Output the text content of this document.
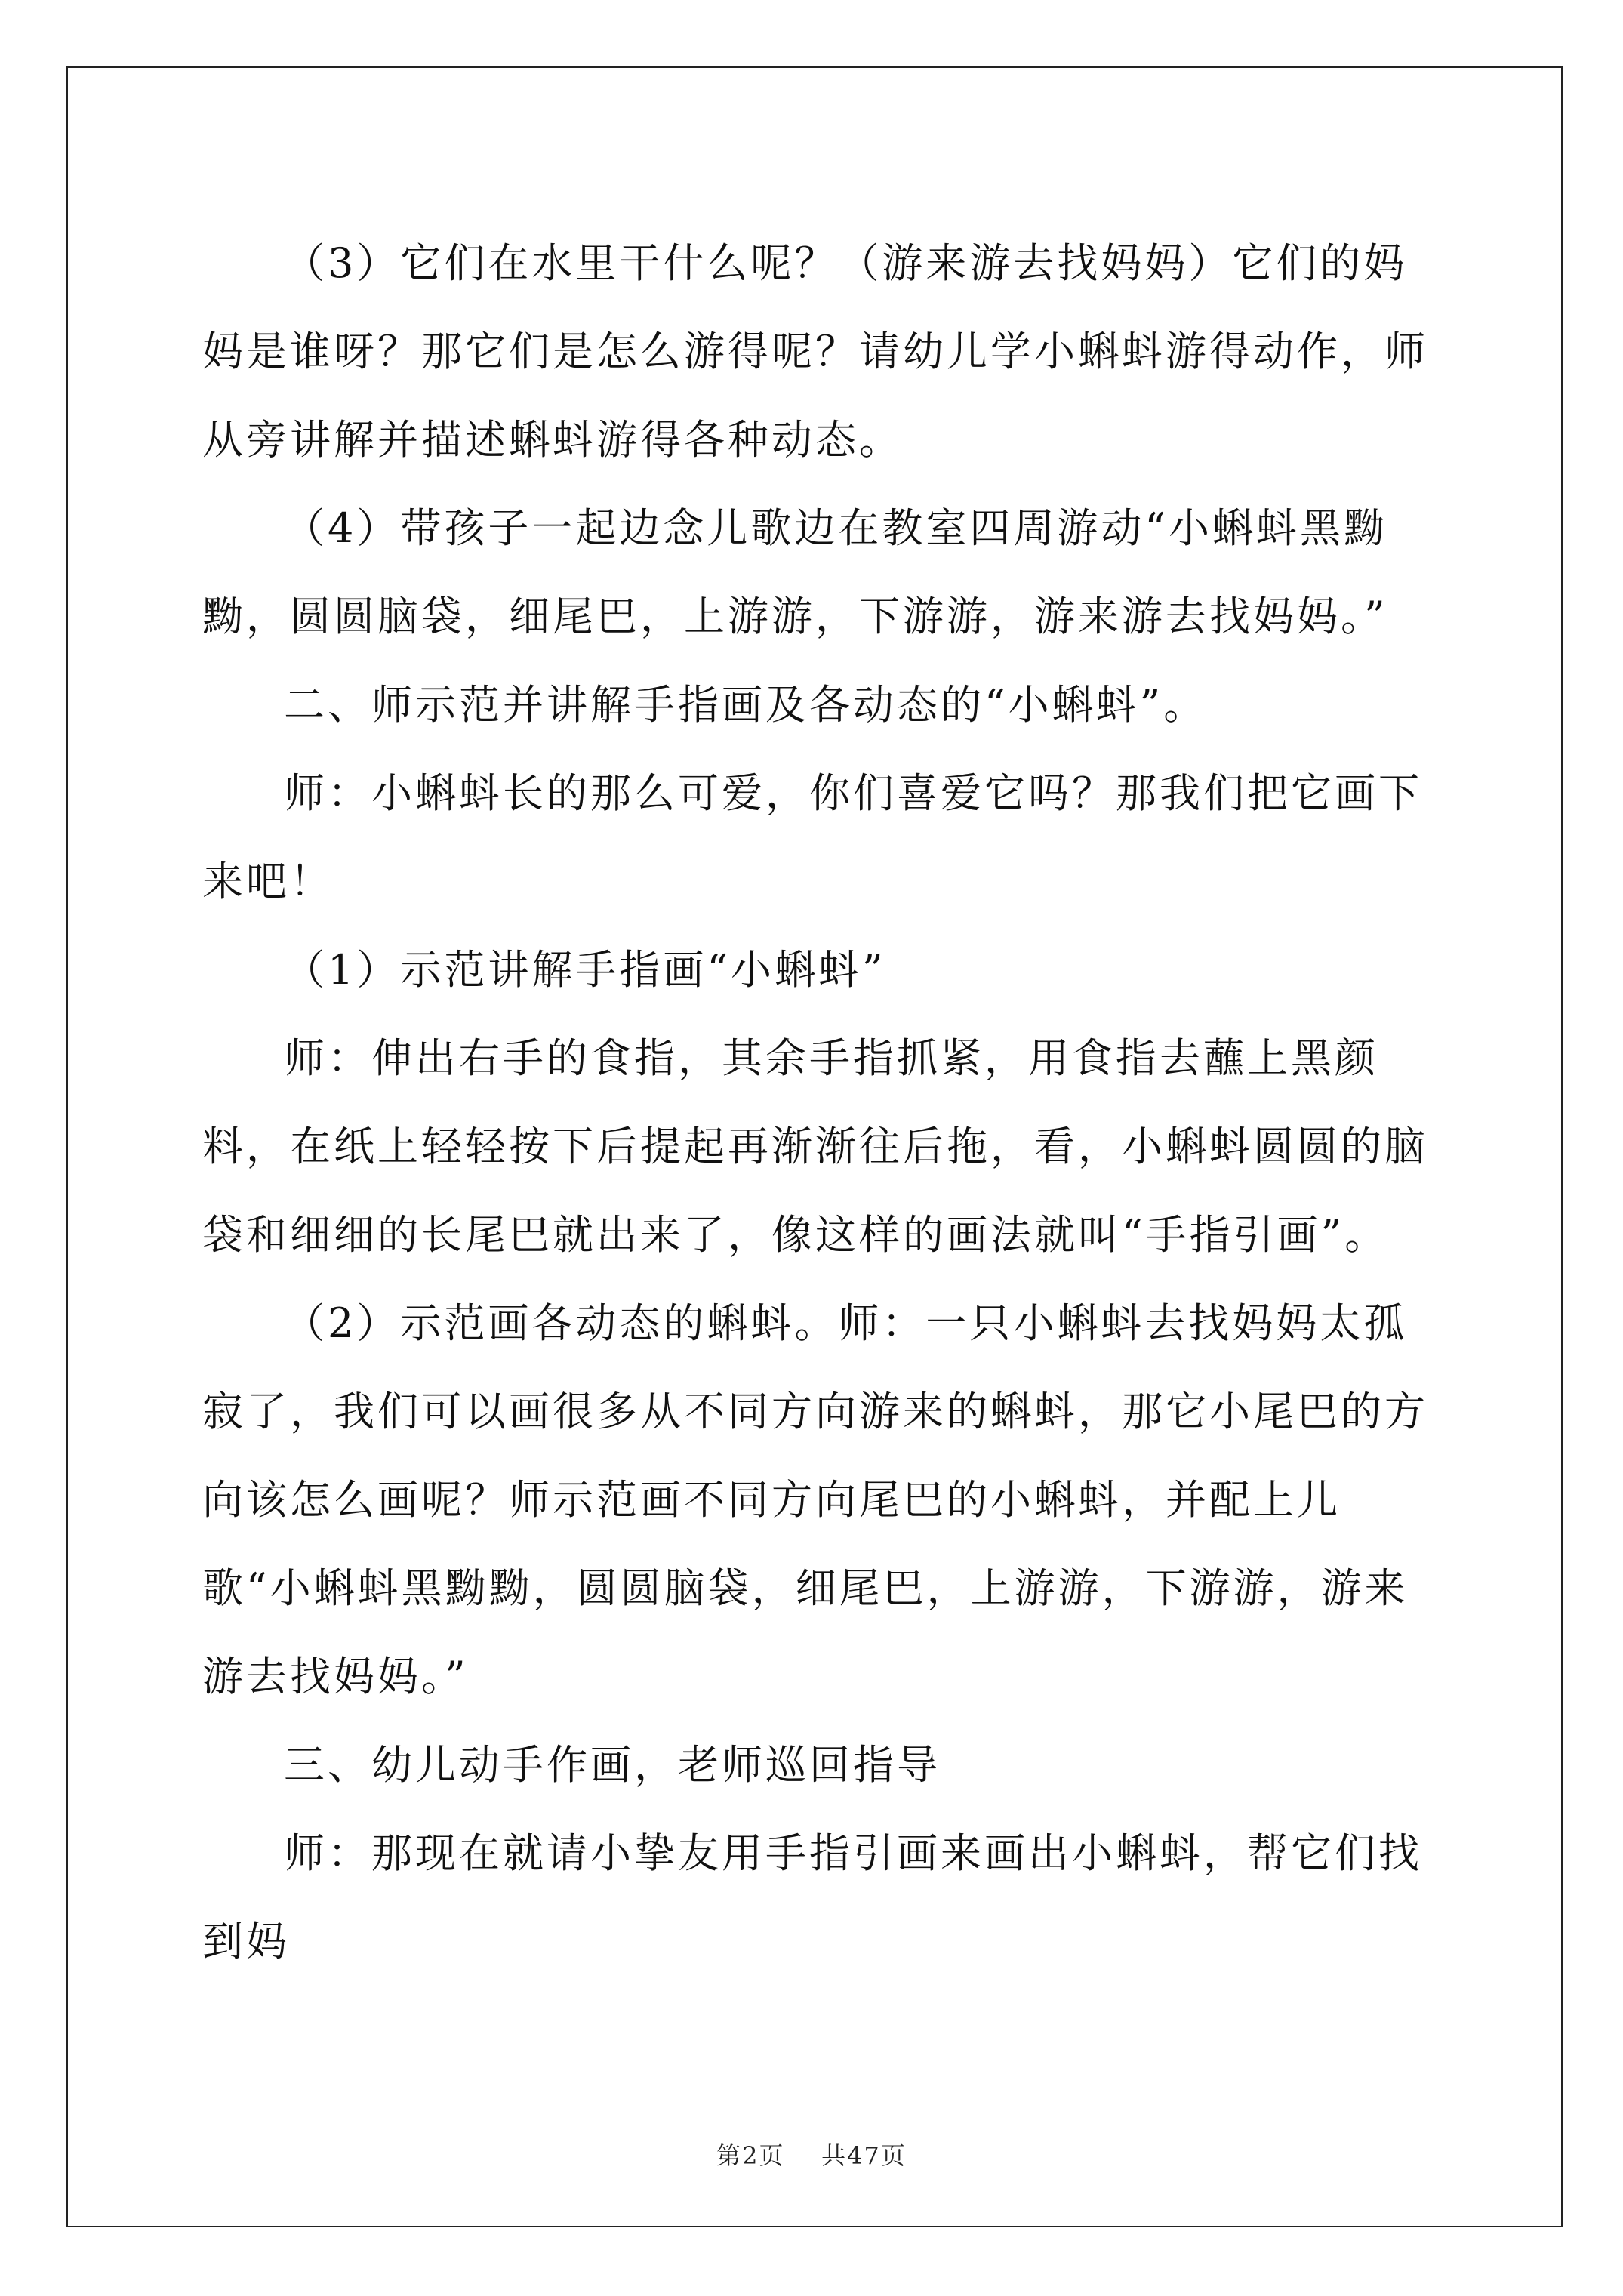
（3）它们在水里干什么呢？（游来游去找妈妈）它们的妈妈是谁呀？那它们是怎么游得呢？请幼儿学小蝌蚪游得动作，师从旁讲解并描述蝌蚪游得各种动态。

（4）带孩子一起边念儿歌边在教室四周游动“小蝌蚪黑黝黝，圆圆脑袋，细尾巴，上游游，下游游，游来游去找妈妈。”

二、师示范并讲解手指画及各动态的“小蝌蚪”。

师：小蝌蚪长的那么可爱，你们喜爱它吗？那我们把它画下来吧！

（1）示范讲解手指画“小蝌蚪”

师：伸出右手的食指，其余手指抓紧，用食指去蘸上黑颜料，在纸上轻轻按下后提起再渐渐往后拖，看，小蝌蚪圆圆的脑袋和细细的长尾巴就出来了，像这样的画法就叫“手指引画”。

（2）示范画各动态的蝌蚪。师：一只小蝌蚪去找妈妈太孤寂了，我们可以画很多从不同方向游来的蝌蚪，那它小尾巴的方向该怎么画呢？师示范画不同方向尾巴的小蝌蚪，并配上儿歌“小蝌蚪黑黝黝，圆圆脑袋，细尾巴，上游游，下游游，游来游去找妈妈。”

三、幼儿动手作画，老师巡回指导

师：那现在就请小挚友用手指引画来画出小蝌蚪，帮它们找到妈

第2页 共47页
